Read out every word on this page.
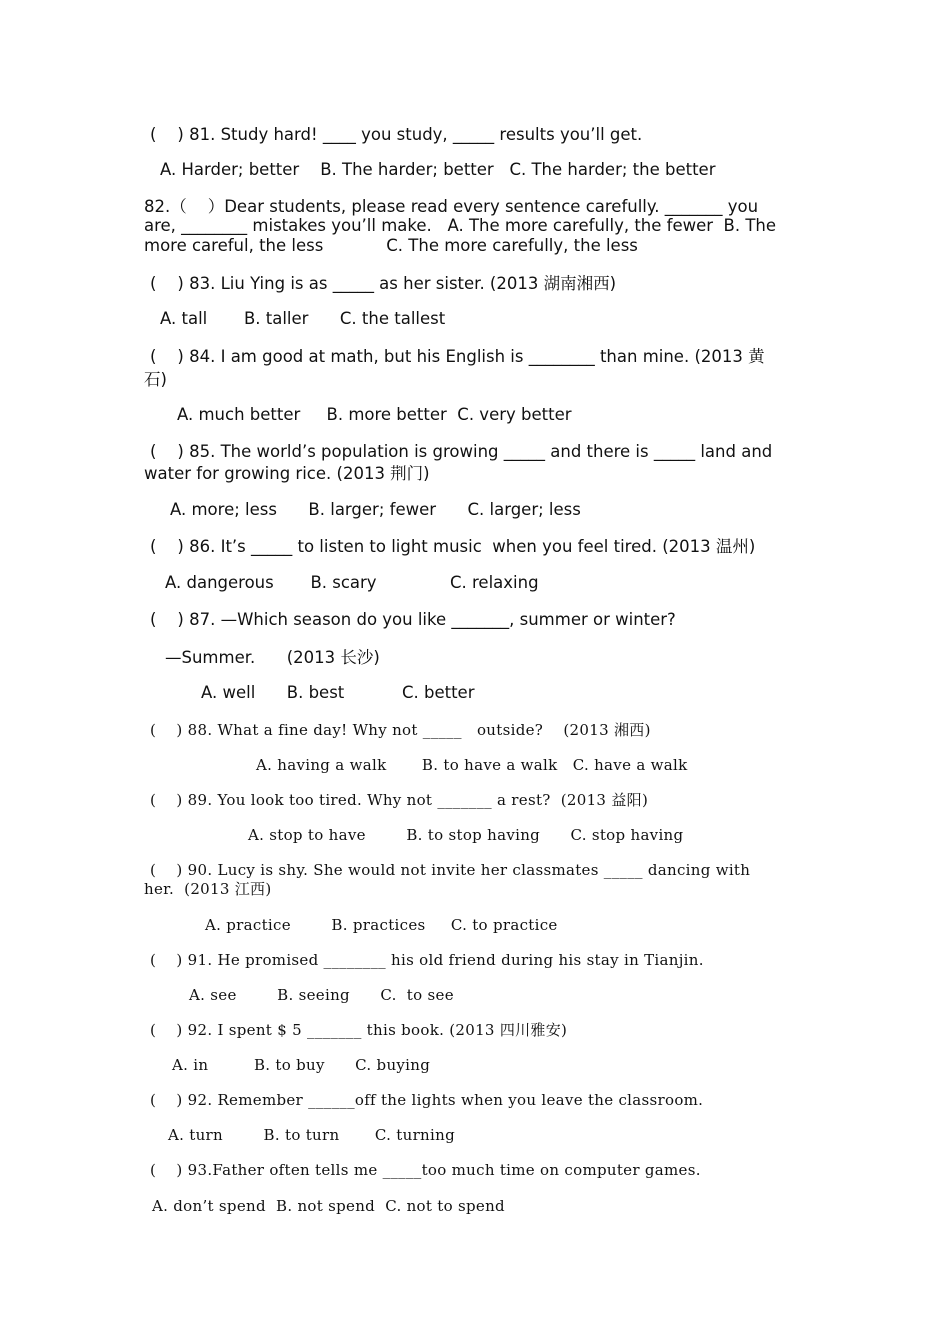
(    ) 81. Study hard! ____ you study, _____ results you’ll get.
A. Harder; better    B. The harder; better   C. The harder; the better
82.（    ）Dear students, please read every sentence carefully. _______ you
are, ________ mistakes you’ll make.   A. The more carefully, the fewer  B. The
more careful, the less            C. The more carefully, the less
(    ) 83. Liu Ying is as _____ as her sister. (2013 湖南湘西)
A. tall       B. taller      C. the tallest
(    ) 84. I am good at math, but his English is ________ than mine. (2013 黄
石)
A. much better     B. more better  C. very better
(    ) 85. The world’s population is growing _____ and there is _____ land and
water for growing rice. (2013 荆门)
A. more; less      B. larger; fewer      C. larger; less
(    ) 86. It’s _____ to listen to light music  when you feel tired. (2013 温州)
A. dangerous       B. scary              C. relaxing
(    ) 87. —Which season do you like _______, summer or winter?
—Summer.      (2013 长沙)
A. well      B. best           C. better
(    ) 88. What a fine day! Why not _____   outside?    (2013 湘西)
A. having a walk       B. to have a walk   C. have a walk
(    ) 89. You look too tired. Why not _______ a rest?  (2013 益阳)
A. stop to have        B. to stop having      C. stop having
(    ) 90. Lucy is shy. She would not invite her classmates _____ dancing with
her.  (2013 江西)
A. practice        B. practices     C. to practice
(    ) 91. He promised ________ his old friend during his stay in Tianjin.
A. see        B. seeing      C.  to see
(    ) 92. I spent $ 5 _______ this book. (2013 四川雅安)
A. in         B. to buy      C. buying
(    ) 92. Remember ______off the lights when you leave the classroom.
A. turn        B. to turn       C. turning
(    ) 93.Father often tells me _____too much time on computer games.
A. don’t spend  B. not spend  C. not to spend
